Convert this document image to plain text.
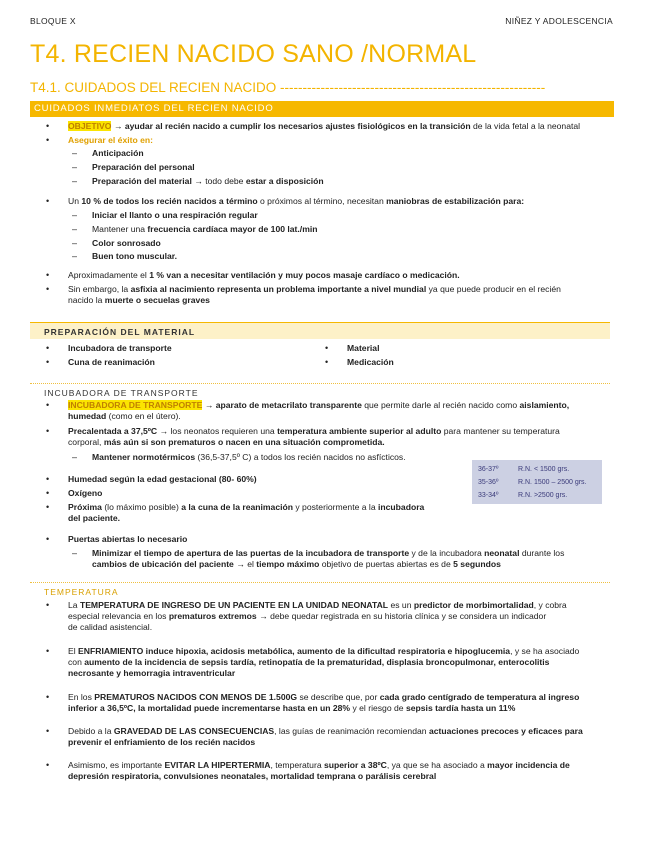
BLOQUE X	NIÑEZ Y ADOLESCENCIA
T4. RECIEN NACIDO SANO /NORMAL
T4.1. CUIDADOS DEL RECIEN NACIDO -----------------------------------------------------------
CUIDADOS INMEDIATOS DEL RECIEN NACIDO
• OBJETIVO → ayudar al recién nacido a cumplir los necesarios ajustes fisiológicos en la transición de la vida fetal a la neonatal
• Asegurar el éxito en:
– Anticipación
– Preparación del personal
– Preparación del material → todo debe estar a disposición
• Un 10 % de todos los recién nacidos a término o próximos al término, necesitan maniobras de estabilización para:
– Iniciar el llanto o una respiración regular
– Mantener una frecuencia cardíaca mayor de 100 lat./min
– Color sonrosado
– Buen tono muscular.
• Aproximadamente el 1 % van a necesitar ventilación y muy pocos masaje cardíaco o medicación.
• Sin embargo, la asfixia al nacimiento representa un problema importante a nivel mundial ya que puede producir en el recién
nacido la muerte o secuelas graves
PREPARACIÓN DEL MATERIAL
• Incubadora de transporte
• Cuna de reanimación
• Material
• Medicación
INCUBADORA DE TRANSPORTE
• INCUBADORA DE TRANSPORTE → aparato de metacrilato transparente que permite darle al recién nacido como aislamiento,
humedad (como en el útero).
• Precalentada a 37,5ºC → los neonatos requieren una temperatura ambiente superior al adulto para mantener su temperatura
corporal, más aún si son prematuros o nacen en una situación comprometida.
– Mantener normotérmicos (36,5-37,5º C) a todos los recién nacidos no asfícticos.
36-37º	R.N. < 1500 grs.
35-36º	R.N. 1500 – 2500 grs.
33-34º	R.N. >2500 grs.
• Humedad según la edad gestacional (80- 60%)
• Oxígeno
• Próxima (lo máximo posible) a la cuna de la reanimación y posteriormente a la incubadora
del paciente.
• Puertas abiertas lo necesario
– Minimizar el tiempo de apertura de las puertas de la incubadora de transporte y de la incubadora neonatal durante los
cambios de ubicación del paciente → el tiempo máximo objetivo de puertas abiertas es de 5 segundos
TEMPERATURA
• La TEMPERATURA DE INGRESO DE UN PACIENTE EN LA UNIDAD NEONATAL es un predictor de morbimortalidad, y cobra
especial relevancia en los prematuros extremos → debe quedar registrada en su historia clínica y se considera un indicador
de calidad asistencial.
• El ENFRIAMIENTO induce hipoxia, acidosis metabólica, aumento de la dificultad respiratoria e hipoglucemia, y se ha asociado
con aumento de la incidencia de sepsis tardía, retinopatía de la prematuridad, displasia broncopulmonar, enterocolitis
necrosante y hemorragia intraventricular
• En los PREMATUROS NACIDOS CON MENOS DE 1.500G se describe que, por cada grado centígrado de temperatura al ingreso
inferior a 36,5ºC, la mortalidad puede incrementarse hasta en un 28% y el riesgo de sepsis tardía hasta un 11%
• Debido a la GRAVEDAD DE LAS CONSECUENCIAS, las guías de reanimación recomiendan actuaciones precoces y eficaces para
prevenir el enfriamiento de los recién nacidos
• Asimismo, es importante EVITAR LA HIPERTERMIA, temperatura superior a 38ºC, ya que se ha asociado a mayor incidencia de
depresión respiratoria, convulsiones neonatales, mortalidad temprana o parálisis cerebral
